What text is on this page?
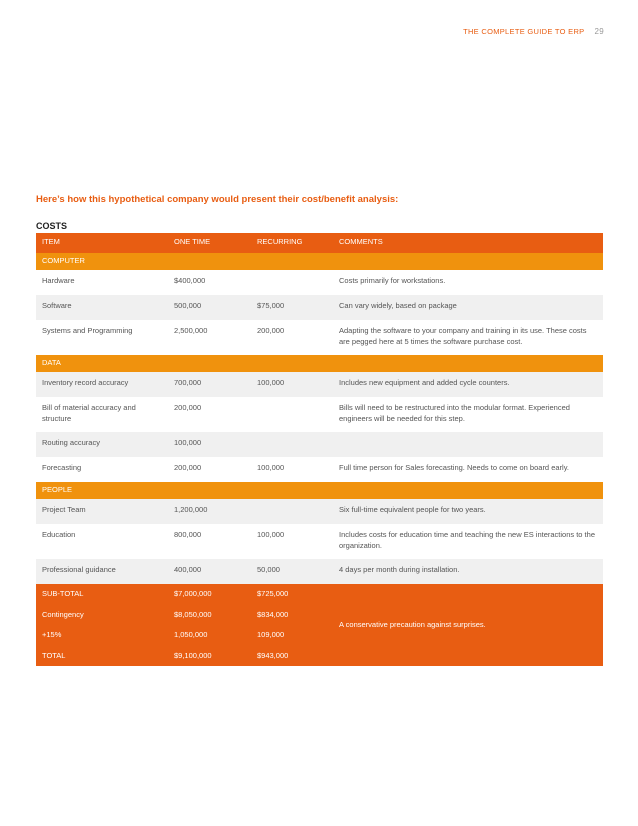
THE COMPLETE GUIDE TO ERP 29
Here’s how this hypothetical company would present their cost/benefit analysis:
COSTS
ITEM	ONE TIME	RECURRING	COMMENTS
COMPUTER			
Hardware	$400,000		Costs primarily for workstations.
Software	500,000	$75,000	Can vary widely, based on package
Systems and Programming	2,500,000	200,000	Adapting the software to your company and training in its use. These costs are pegged here at 5 times the software purchase cost.
DATA			
Inventory record accuracy	700,000	100,000	Includes new equipment and added cycle counters.
Bill of material accuracy and structure	200,000		Bills will need to be restructured into the modular format. Experienced engineers will be needed for this step.
Routing accuracy	100,000		
Forecasting	200,000	100,000	Full time person for Sales forecasting. Needs to come on board early.
PEOPLE			
Project Team	1,200,000		Six full-time equivalent people for two years.
Education	800,000	100,000	Includes costs for education time and teaching the new ES interactions to the organization.
Professional guidance	400,000	50,000	4 days per month during installation.
SUB-TOTAL	$7,000,000	$725,000	A conservative precaution against surprises.
Contingency	$8,050,000	$834,000	
+15%	1,050,000	109,000	
TOTAL	$9,100,000	$943,000	
